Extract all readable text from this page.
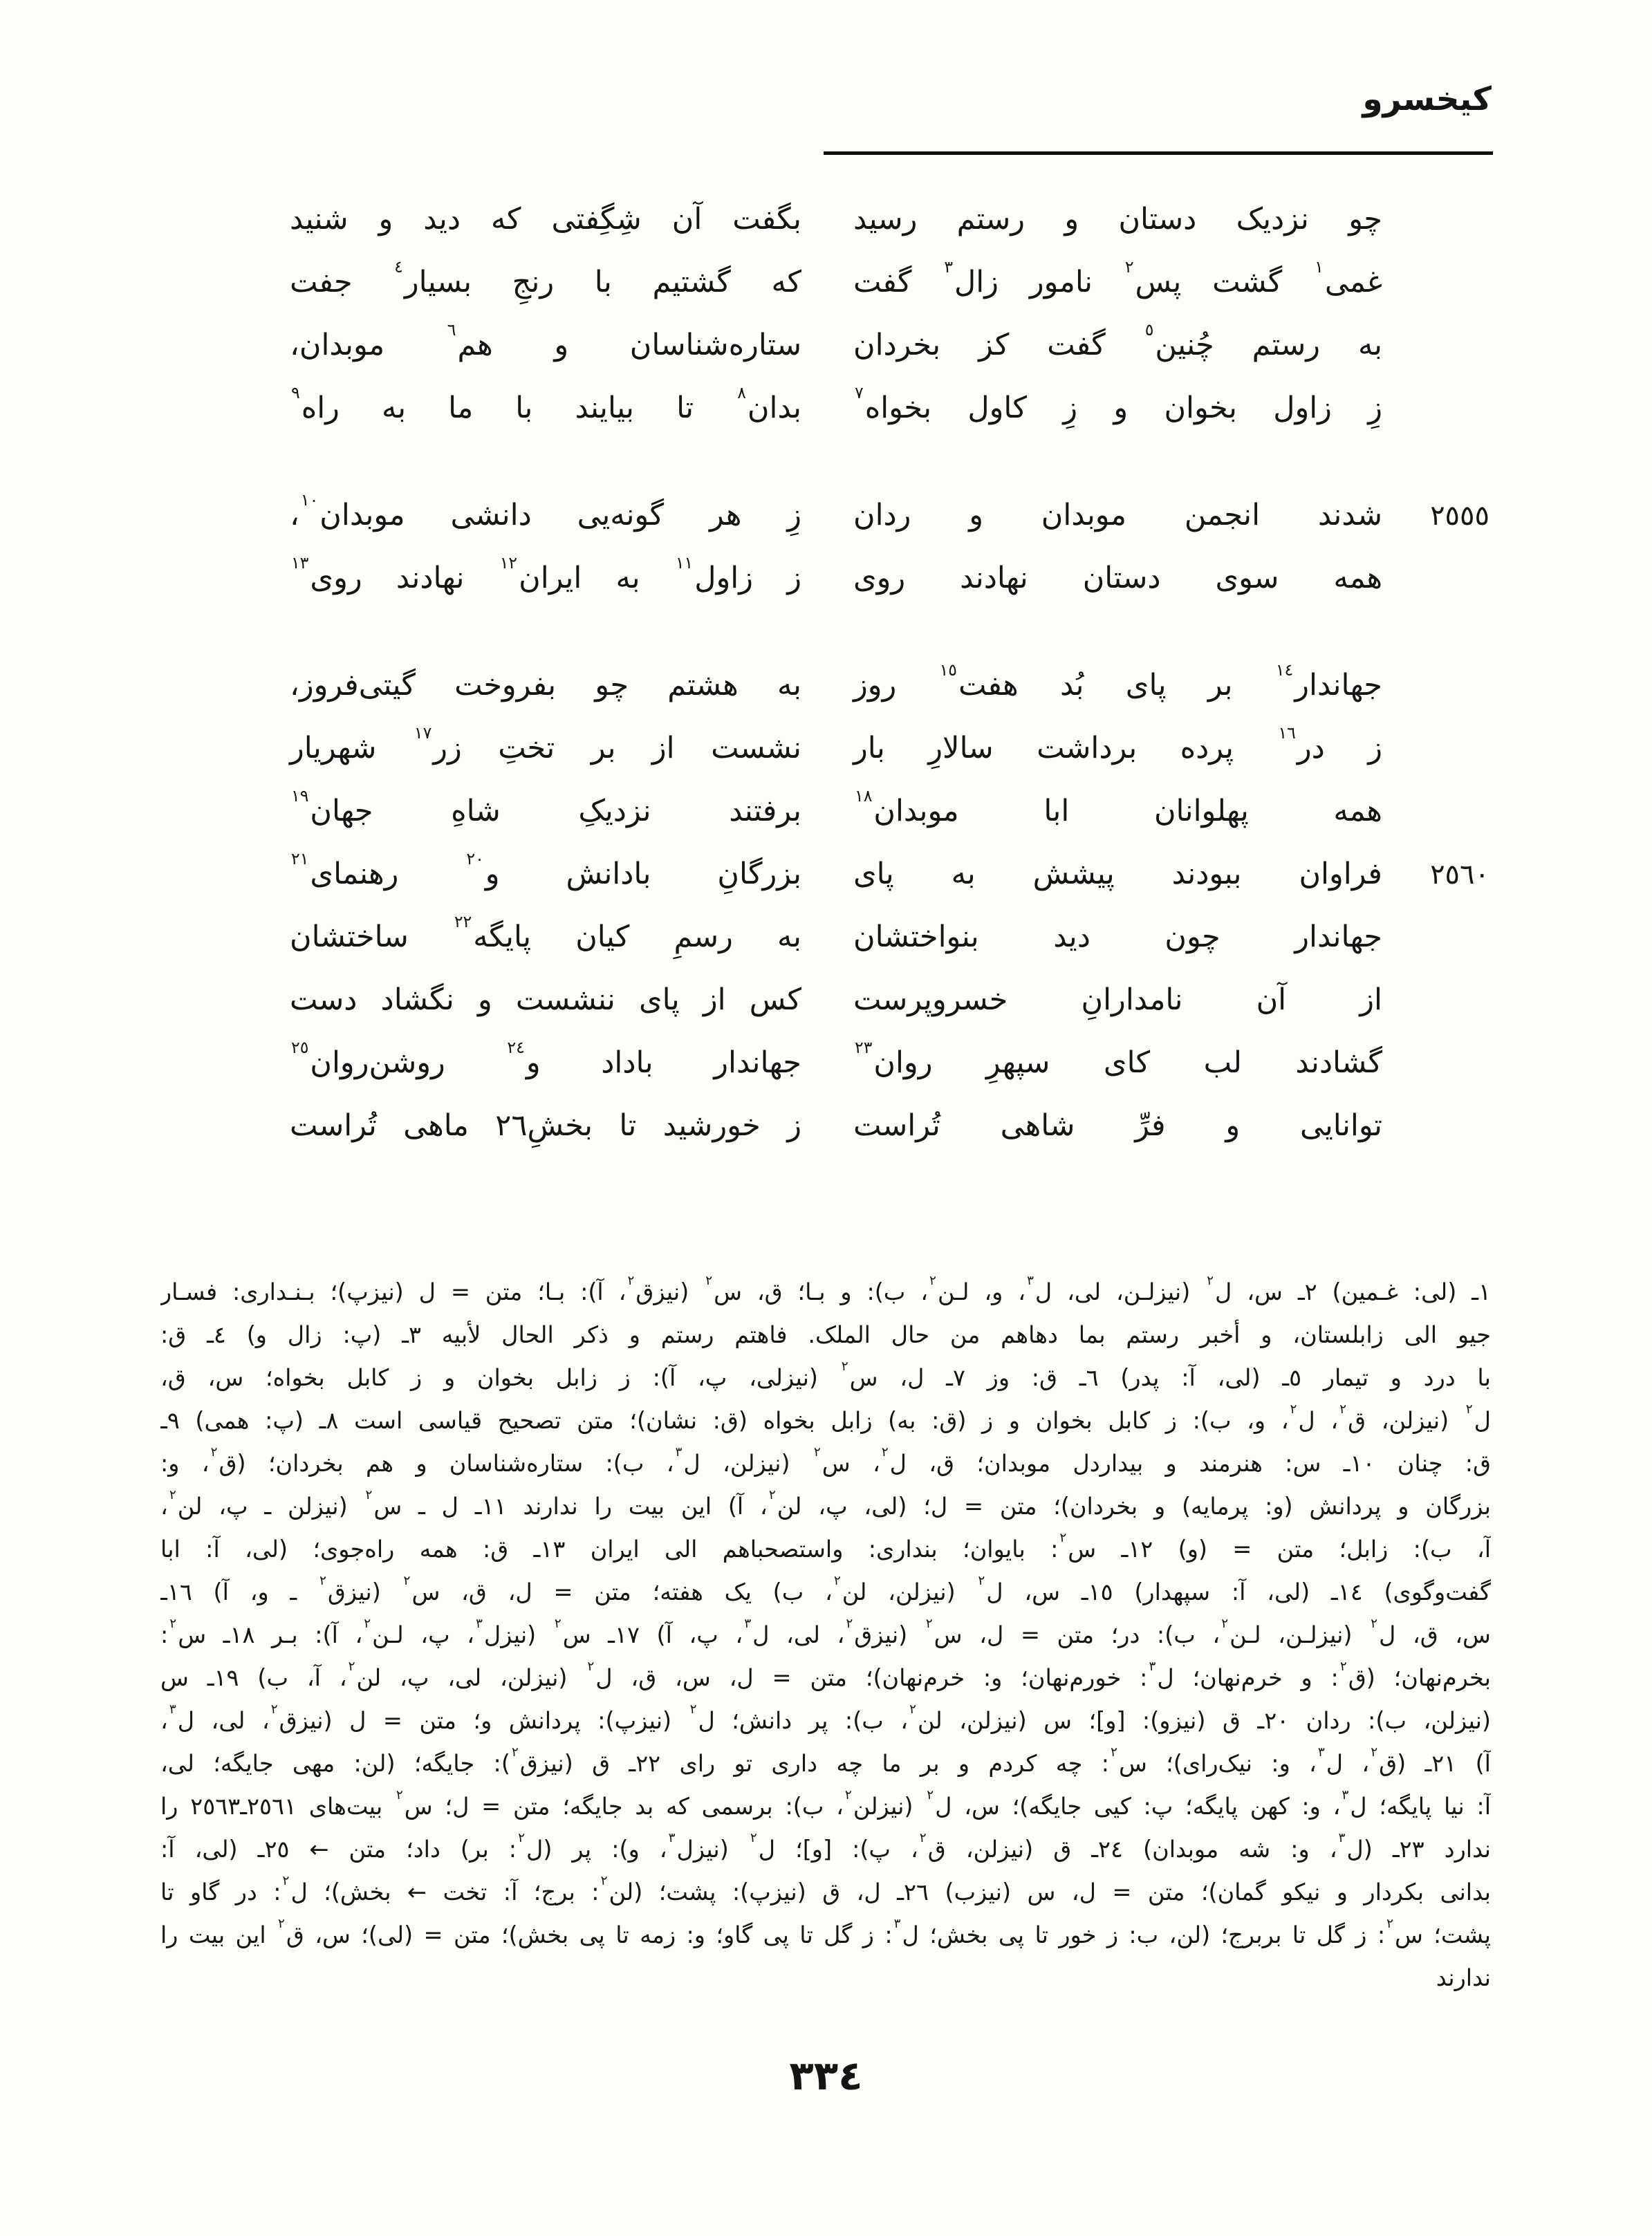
کیخسرو
چو نزدیک دستان و رستم رسید
بگفت آن شِگِفتی که دید و شنید
غمی$^١$ گشت پس$^٢$ نامور زال$^٣$ گفت
که گشتیم با رنجِ بسیار$^٤$ جفت
به رستم چُنین$^٥$ گفت کز بخردان
ستاره‌شناسان و هم$^٦$ موبدان،
زِ زاول بخوان و زِ کاول بخواه$^٧$
بدان$^٨$ تا بیایند با ما به راه$^٩$
٢٥٥٥
شدند انجمن موبدان و ردان
زِ هر گونه‌یی دانشی موبدان$^{١٠}$،
همه سوی دستان نهادند روی
ز زاول$^{١١}$ به ایران$^{١٢}$ نهادند روی$^{١٣}$
جهاندار$^{١٤}$ بر پای بُد هفت$^{١٥}$ روز
به هشتم چو بفروخت گیتی‌فروز،
ز در$^{١٦}$ پرده برداشت سالارِ بار
نشست از بر تختِ زر$^{١٧}$ شهریار
همه پهلوانان ابا موبدان$^{١٨}$
برفتند نزدیکِ شاهِ جهان$^{١٩}$
٢٥٦٠
فراوان ببودند پیشش به پای
بزرگانِ بادانش و$^{٢٠}$ رهنمای$^{٢١}$
جهاندار چون دید بنواختشان
به رسمِ کیان پایگه$^{٢٢}$ ساختشان
از آن نامدارانِ خسروپرست
کس از پای ننشست و نگشاد دست
گشادند لب کای سپهرِ روان$^{٢٣}$
جهاندار باداد و$^{٢٤}$ روشن‌روان$^{٢٥}$
توانایی و فرِّ شاهی تُراست
ز خورشید تا بخشِ٢٦ ماهی تُراست
١ـ (لی: غـمین) ٢ـ س، ل$^٢$ (نیزلـن، لی، ل$^٣$، و، لـن$^٢$، ب): و بـا؛ ق، س$^٢$ (نیزق$^٢$، آ): بـا؛ متن = ل (نیزپ)؛ بـنـداری: فسـار
جیو الی زابلستان، و أخبر رستم بما دهاهم من حال الملک. فاهتم رستم و ذکر الحال لأبیه ٣ـ (پ: زال و) ٤ـ ق:
با درد و تیمار ٥ـ (لی، آ: پدر) ٦ـ ق: وز ٧ـ ل، س$^٢$ (نیزلی، پ، آ): ز زابل بخوان و ز کابل بخواه؛ س، ق،
ل$^٢$ (نیزلن، ق$^٢$، ل$^٢$، و، ب): ز کابل بخوان و ز (ق: به) زابل بخواه (ق: نشان)؛ متن تصحیح قیاسی است ٨ـ (پ: همی) ٩ـ
ق: چنان ١٠ـ س: هنرمند و بیداردل موبدان؛ ق، ل$^٢$، س$^٢$ (نیزلن، ل$^٣$، ب): ستاره‌شناسان و هم بخردان؛ (ق$^٢$، و:
بزرگان و پردانش (و: پرمایه) و بخردان)؛ متن = ل؛ (لی، پ، لن$^٢$، آ) این بیت را ندارند ١١ـ ل ـ س$^٢$ (نیزلن ـ پ، لن$^٢$،
آ، ب): زابل؛ متن = (و) ١٢ـ س$^٢$: بایوان؛ بنداری: واستصحباهم الی ایران ١٣ـ ق: همه راه‌جوی؛ (لی، آ: ابا
گفت‌وگوی) ١٤ـ (لی، آ: سپهدار) ١٥ـ س، ل$^٢$ (نیزلن، لن$^٢$، ب) یک هفته؛ متن = ل، ق، س$^٢$ (نیزق$^٢$ ـ و، آ) ١٦ـ
س، ق، ل$^٢$ (نیزلـن، لـن$^٢$، ب): در؛ متن = ل، س$^٢$ (نیزق$^٢$، لی، ل$^٣$، پ، آ) ١٧ـ س$^٢$ (نیزل$^٣$، پ، لـن$^٢$، آ): بـر ١٨ـ س$^٢$:
بخرم‌نهان؛ (ق$^٢$: و خرم‌نهان؛ ل$^٣$: خورم‌نهان؛ و: خرم‌نهان)؛ متن = ل، س، ق، ل$^٢$ (نیزلن، لی، پ، لن$^٢$، آ، ب) ١٩ـ س
(نیزلن، ب): ردان ٢٠ـ ق (نیزو): [و]؛ س (نیزلن، لن$^٢$، ب): پر دانش؛ ل$^٢$ (نیزپ): پردانش و؛ متن = ل (نیزق$^٢$، لی، ل$^٣$،
آ) ٢١ـ (ق$^٢$، ل$^٣$، و: نیک‌رای)؛ س$^٢$: چه کردم و بر ما چه داری تو رای ٢٢ـ ق (نیزق$^٢$): جایگه؛ (لن: مهی جایگه؛ لی،
آ: نیا پایگه؛ ل$^٣$، و: کهن پایگه؛ پ: کیی جایگه)؛ س، ل$^٢$ (نیزلن$^٢$، ب): برسمی که بد جایگه؛ متن = ل؛ س$^٢$ بیت‌های ٢٥٦١ـ٢٥٦٣ را
ندارد ٢٣ـ (ل$^٣$، و: شه موبدان) ٢٤ـ ق (نیزلن، ق$^٢$، پ): [و]؛ ل$^٢$ (نیزل$^٣$، و): پر (ل$^٢$: بر) داد؛ متن ← ٢٥ـ (لی، آ:
بدانی بکردار و نیکو گمان)؛ متن = ل، س (نیزب) ٢٦ـ ل، ق (نیزپ): پشت؛ (لن$^٢$: برج؛ آ: تخت ← بخش)؛ ل$^٢$: در گاو تا
پشت؛ س$^٢$: ز گل تا بربرج؛ (لن، ب: ز خور تا پی بخش؛ ل$^٣$: ز گل تا پی گاو؛ و: زمه تا پی بخش)؛ متن = (لی)؛ س، ق$^٢$ این بیت را
ندارند
٣٣٤
